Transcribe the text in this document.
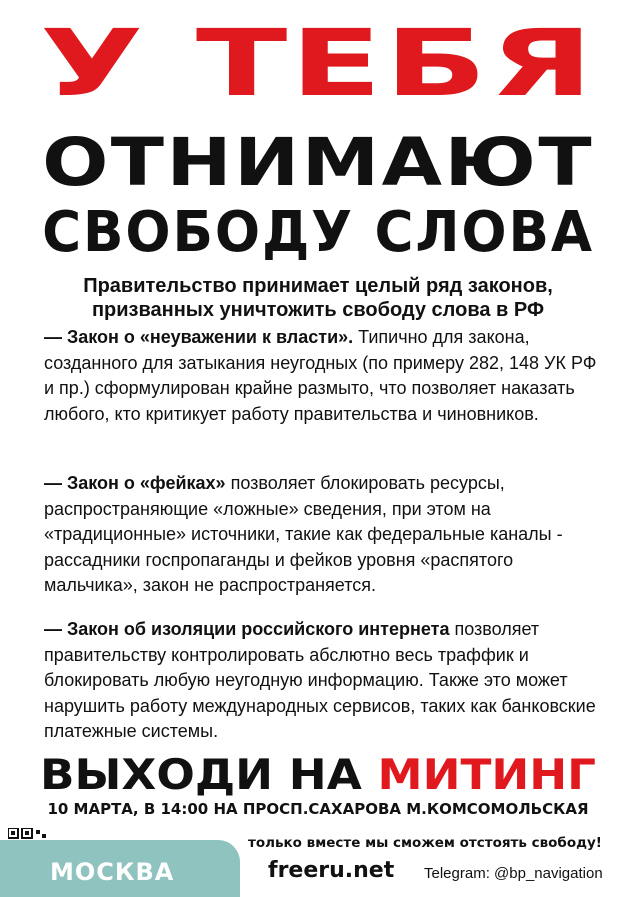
У ТЕБЯ
ОТНИМАЮТ
СВОБОДУ СЛОВА
Правительство принимает целый ряд законов,
призванных уничтожить свободу слова в РФ
— Закон о «неуважении к власти». Типично для закона, созданного для затыкания неугодных (по примеру 282, 148 УК РФ и пр.) сформулирован крайне размыто, что позволяет наказать любого, кто критикует работу правительства и чиновников.
— Закон о «фейках» позволяет блокировать ресурсы, распространяющие «ложные» сведения, при этом на «традиционные» источники, такие как федеральные каналы - рассадники госпропаганды и фейков уровня «распятого мальчика», закон не распространяется.
— Закон об изоляции российского интернета позволяет правительству контролировать абслютно весь траффик и блокировать любую неугодную информацию. Также это может нарушить работу международных сервисов, таких как банковские платежные системы.
ВЫХОДИ НА МИТИНГ
10 МАРТА, В 14:00 НА ПРОСП.САХАРОВА М.КОМСОМОЛЬСКАЯ
только вместе мы сможем отстоять свободу!
МОСКВА	freeru.net Telegram: @bp_navigation
